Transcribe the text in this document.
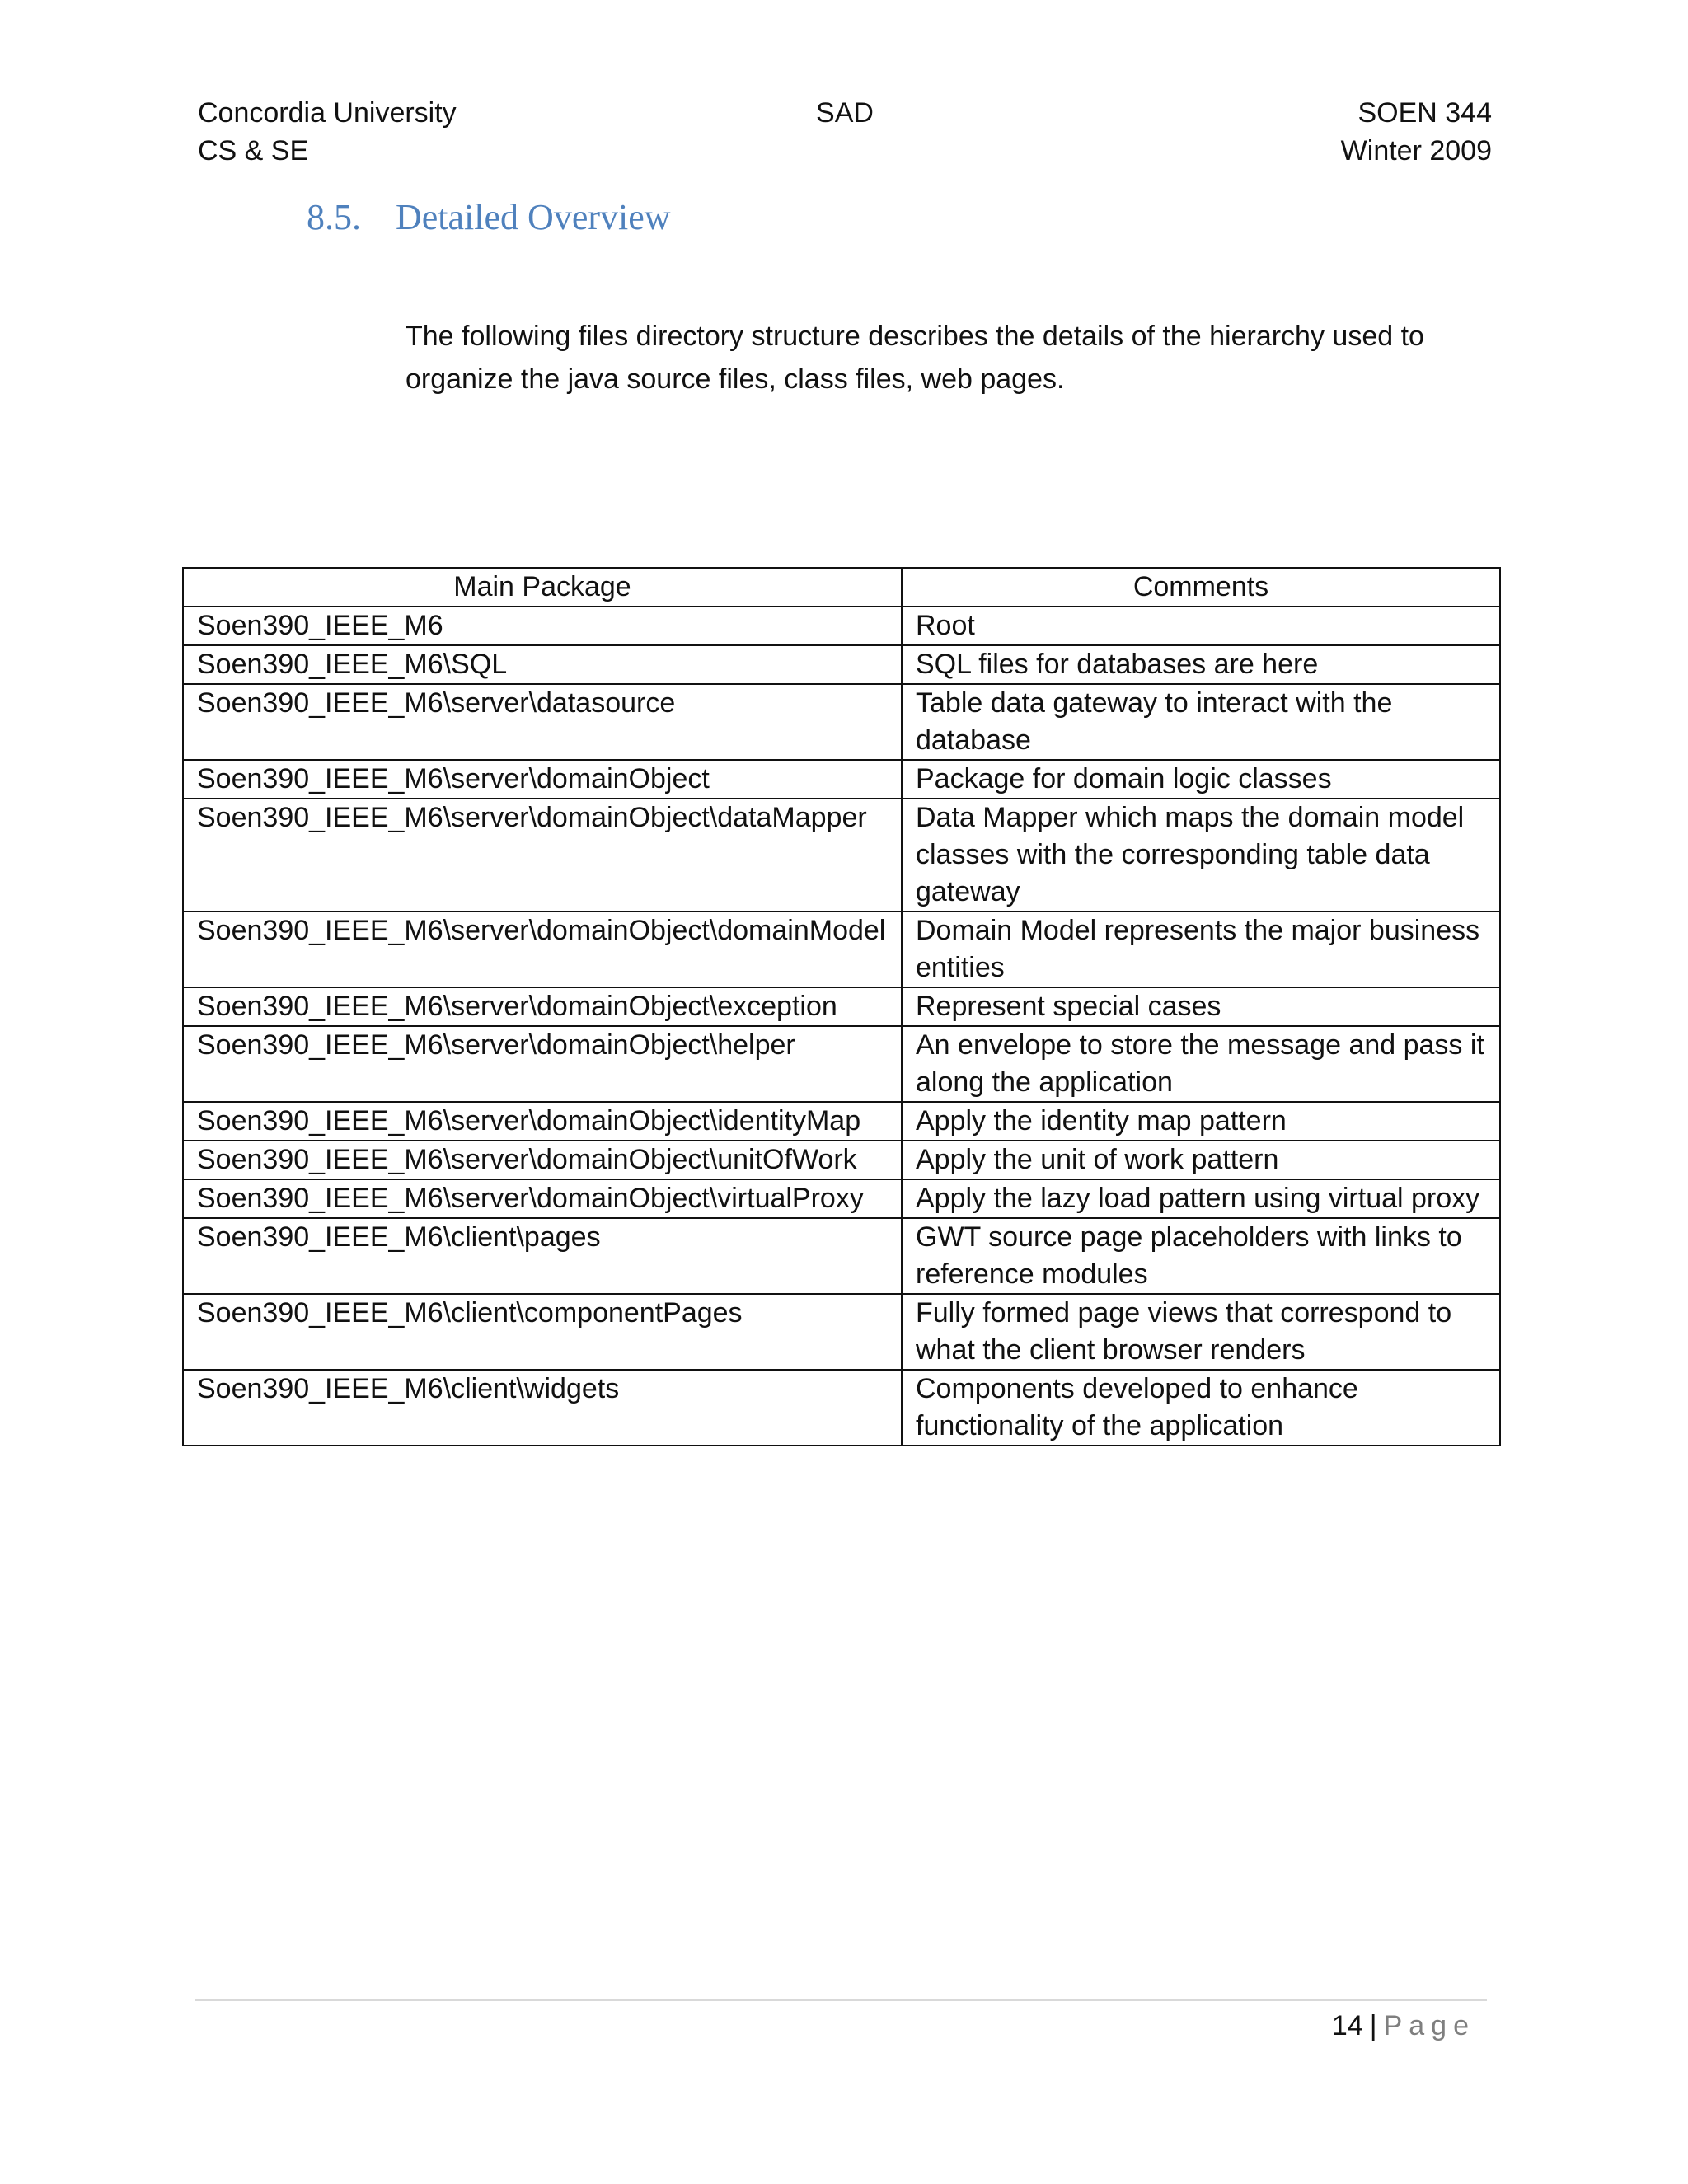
Concordia University
CS & SE
SAD	SOEN 344
Winter 2009
8.5. Detailed Overview
The following files directory structure describes the details of the hierarchy used to organize the java source files, class files, web pages.
Main Package	Comments
Soen390_IEEE_M6	Root
Soen390_IEEE_M6\SQL	SQL files for databases are here
Soen390_IEEE_M6\server\datasource	Table data gateway to interact with the database
Soen390_IEEE_M6\server\domainObject	Package for domain logic classes
Soen390_IEEE_M6\server\domainObject\dataMapper	Data Mapper which maps the domain model classes with the corresponding table data gateway
Soen390_IEEE_M6\server\domainObject\domainModel	Domain Model represents the major business entities
Soen390_IEEE_M6\server\domainObject\exception	Represent special cases
Soen390_IEEE_M6\server\domainObject\helper	An envelope to store the message and pass it along the application
Soen390_IEEE_M6\server\domainObject\identityMap	Apply the identity map pattern
Soen390_IEEE_M6\server\domainObject\unitOfWork	Apply the unit of work pattern
Soen390_IEEE_M6\server\domainObject\virtualProxy	Apply the lazy load pattern using virtual proxy
Soen390_IEEE_M6\client\pages	GWT source page placeholders with links to reference modules
Soen390_IEEE_M6\client\componentPages	Fully formed page views that correspond to what the client browser renders
Soen390_IEEE_M6\client\widgets	Components developed to enhance functionality of the application
14 | Page
